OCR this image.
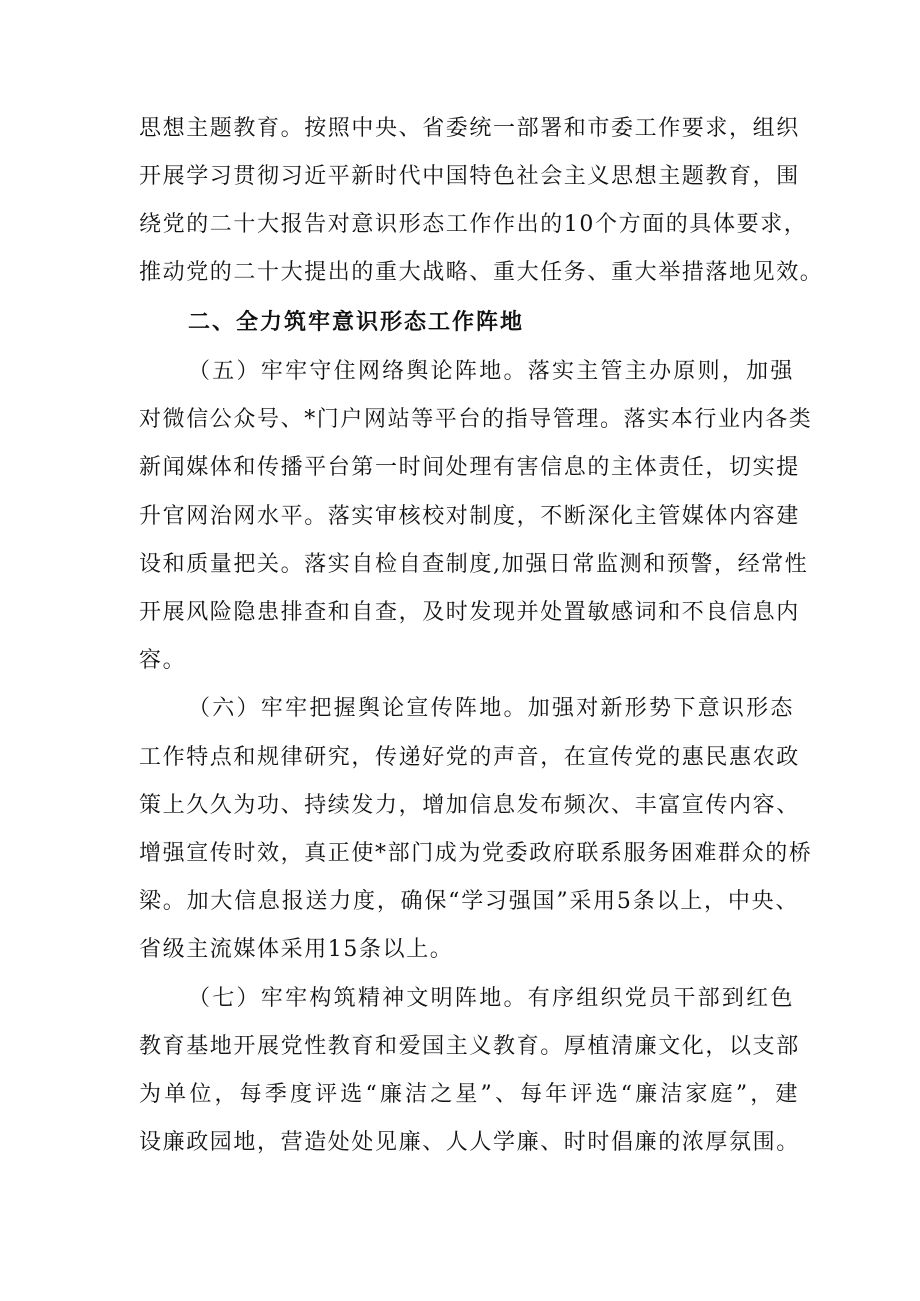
思想主题教育。按照中央、省委统一部署和市委工作要求，组织
开展学习贯彻习近平新时代中国特色社会主义思想主题教育，围
绕党的二十大报告对意识形态工作作出的10个方面的具体要求，
推动党的二十大提出的重大战略、重大任务、重大举措落地见效。
二、全力筑牢意识形态工作阵地
（五）牢牢守住网络舆论阵地。落实主管主办原则，加强
对微信公众号、*门户网站等平台的指导管理。落实本行业内各类
新闻媒体和传播平台第一时间处理有害信息的主体责任，切实提
升官网治网水平。落实审核校对制度，不断深化主管媒体内容建
设和质量把关。落实自检自查制度,加强日常监测和预警，经常性
开展风险隐患排查和自查，及时发现并处置敏感词和不良信息内
容。
（六）牢牢把握舆论宣传阵地。加强对新形势下意识形态
工作特点和规律研究，传递好党的声音，在宣传党的惠民惠农政
策上久久为功、持续发力，增加信息发布频次、丰富宣传内容、
增强宣传时效，真正使*部门成为党委政府联系服务困难群众的桥
梁。加大信息报送力度，确保“学习强国”采用5条以上，中央、
省级主流媒体采用15条以上。
（七）牢牢构筑精神文明阵地。有序组织党员干部到红色
教育基地开展党性教育和爱国主义教育。厚植清廉文化，以支部
为单位，每季度评选“廉洁之星”、每年评选“廉洁家庭”，建
设廉政园地，营造处处见廉、人人学廉、时时倡廉的浓厚氛围。
